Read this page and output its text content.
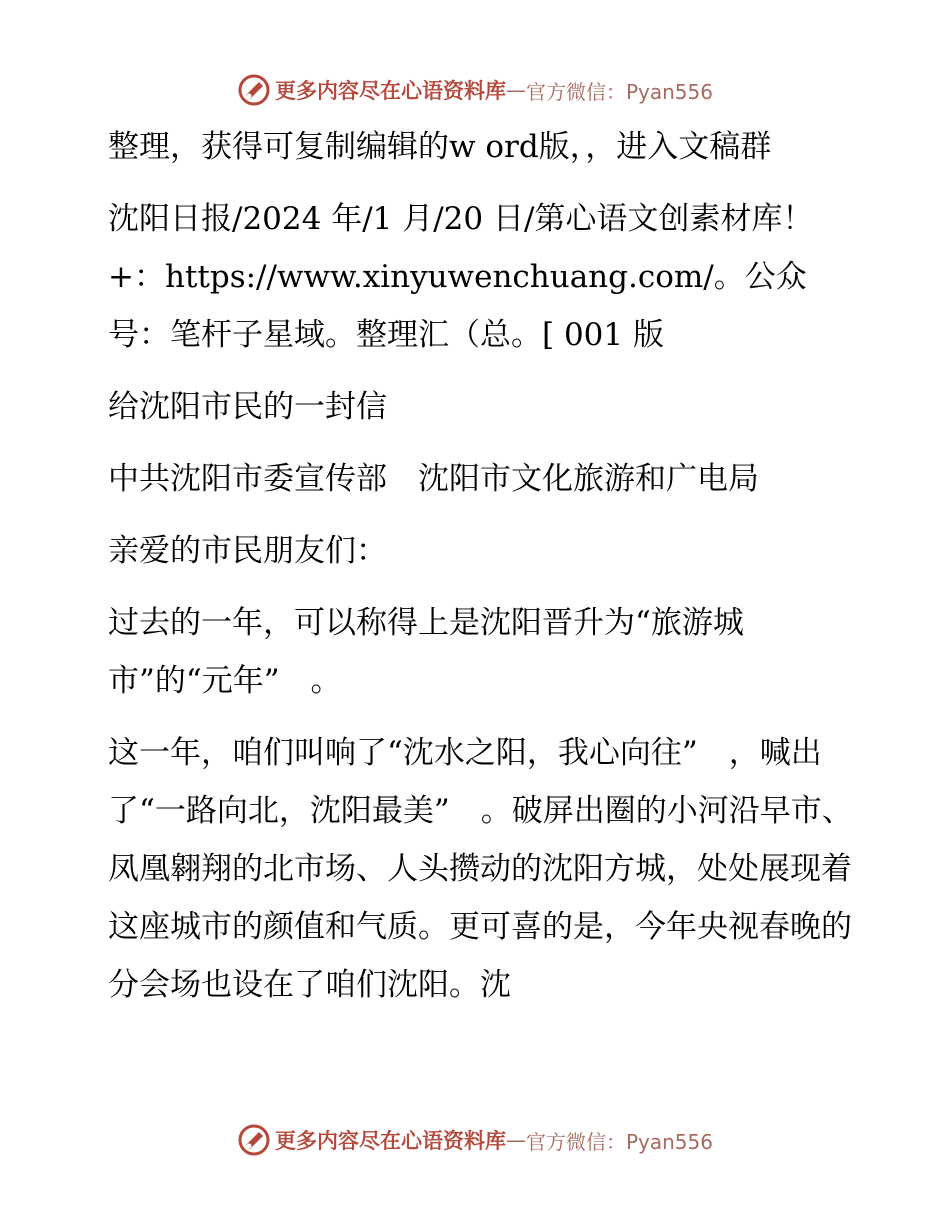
更多内容尽在心语资料库 — 官方微信：Pyan556

整理，获得可复制编辑的w ord版，，进入文稿群

沈阳日报/2024 年/1 月/20 日/第心语文创素材库！+：https://www.xinyuwenchuang.com/。公众号：笔杆子星域。整理汇（总。[ 001 版

给沈阳市民的一封信

中共沈阳市委宣传部　沈阳市文化旅游和广电局

亲爱的市民朋友们：

过去的一年，可以称得上是沈阳晋升为“旅游城市”的“元年”　。

这一年，咱们叫响了“沈水之阳，我心向往”　，喊出了“一路向北，沈阳最美”　。破屏出圈的小河沿早市、凤凰翱翔的北市场、人头攒动的沈阳方城，处处展现着这座城市的颜值和气质。更可喜的是，今年央视春晚的分会场也设在了咱们沈阳。沈

更多内容尽在心语资料库 — 官方微信：Pyan556
